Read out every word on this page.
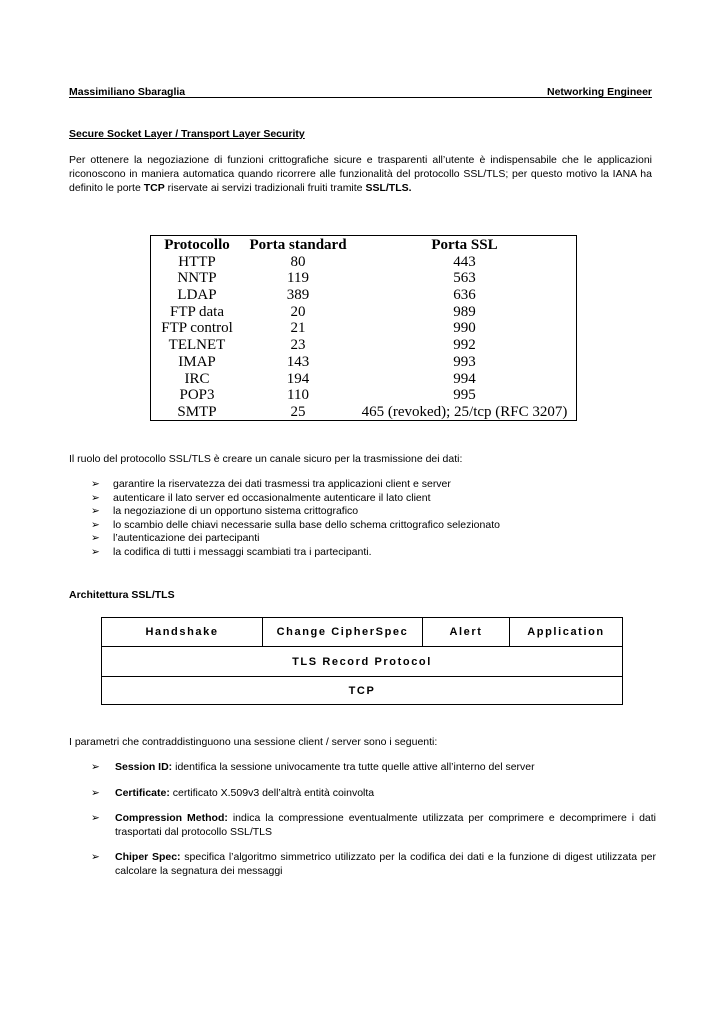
Massimiliano Sbaraglia	Networking Engineer
Secure Socket Layer / Transport Layer Security

Per ottenere la negoziazione di funzioni crittografiche sicure e trasparenti all’utente è indispensabile che le applicazioni riconoscono in maniera automatica quando ricorrere alle funzionalità del protocollo SSL/TLS; per questo motivo la IANA ha definito le porte TCP riservate ai servizi tradizionali fruiti tramite SSL/TLS.

Protocollo	Porta standard	Porta SSL
HTTP	80	443
NNTP	119	563
LDAP	389	636
FTP data	20	989
FTP control	21	990
TELNET	23	992
IMAP	143	993
IRC	194	994
POP3	110	995
SMTP	25	465 (revoked); 25/tcp (RFC 3207)
Il ruolo del protocollo SSL/TLS è creare un canale sicuro per la trasmissione dei dati:
➢ garantire la riservatezza dei dati trasmessi tra applicazioni client e server
➢ autenticare il lato server ed occasionalmente autenticare il lato client
➢ la negoziazione di un opportuno sistema crittografico
➢ lo scambio delle chiavi necessarie sulla base dello schema crittografico selezionato
➢ l’autenticazione dei partecipanti
➢ la codifica di tutti i messaggi scambiati tra i partecipanti.
Architettura SSL/TLS
Handshake	Change CipherSpec	Alert	Application
TLS Record Protocol
TCP
I parametri che contraddistinguono una sessione client / server sono i seguenti:
➢ Session ID: identifica la sessione univocamente tra tutte quelle attive all’interno del server
➢ Certificate: certificato X.509v3 dell’altrà entità coinvolta
➢ Compression Method: indica la compressione eventualmente utilizzata per comprimere e decomprimere i dati trasportati dal protocollo SSL/TLS
➢ Chiper Spec: specifica l’algoritmo simmetrico utilizzato per la codifica dei dati e la funzione di digest utilizzata per calcolare la segnatura dei messaggi
